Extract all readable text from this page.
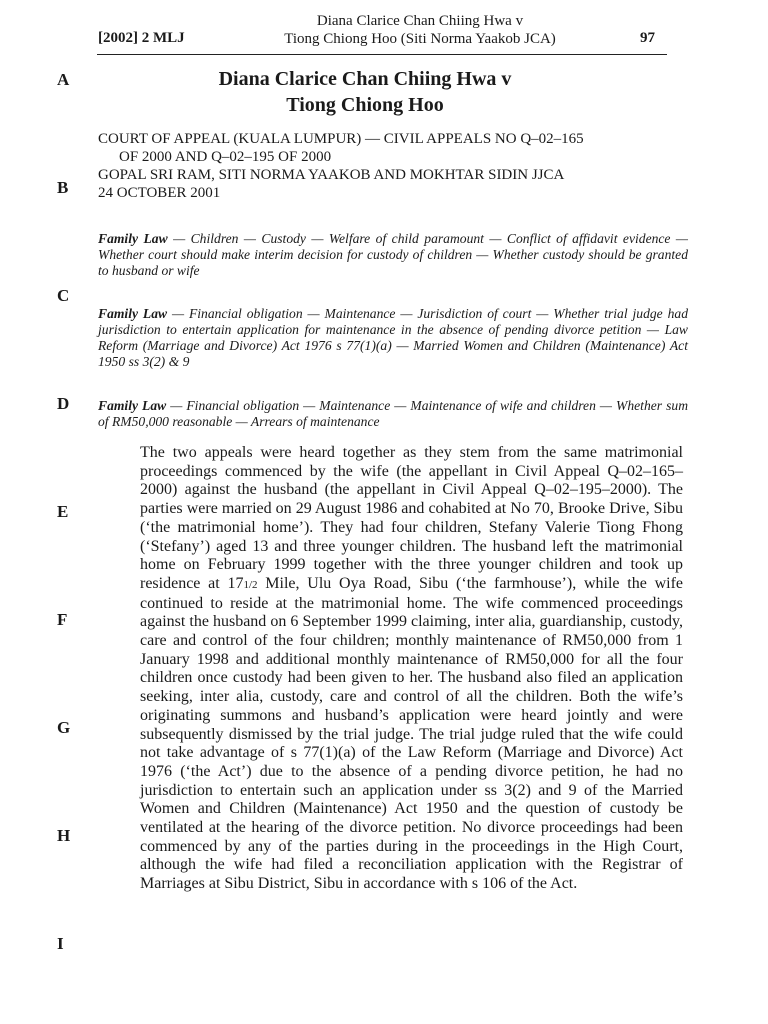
[2002] 2 MLJ
Diana Clarice Chan Chiing Hwa v
Tiong Chiong Hoo (Siti Norma Yaakob JCA)	97
A
B
C
D
E
F
G
H
I
Diana Clarice Chan Chiing Hwa v
Tiong Chiong Hoo
COURT OF APPEAL (KUALA LUMPUR) — CIVIL APPEALS NO Q–02–165
OF 2000 AND Q–02–195 OF 2000
GOPAL SRI RAM, SITI NORMA YAAKOB AND MOKHTAR SIDIN JJCA
24 OCTOBER 2001
Family Law — Children — Custody — Welfare of child paramount — Conflict of affidavit evidence — Whether court should make interim decision for custody of children — Whether custody should be granted to husband or wife
Family Law — Financial obligation — Maintenance — Jurisdiction of court — Whether trial judge had jurisdiction to entertain application for maintenance in the absence of pending divorce petition — Law Reform (Marriage and Divorce) Act 1976 s 77(1)(a) — Married Women and Children (Maintenance) Act 1950 ss 3(2) & 9
Family Law — Financial obligation — Maintenance — Maintenance of wife and children — Whether sum of RM50,000 reasonable — Arrears of maintenance
The two appeals were heard together as they stem from the same matrimonial proceedings commenced by the wife (the appellant in Civil Appeal Q–02–165–2000) against the husband (the appellant in Civil Appeal Q–02–195–2000). The parties were married on 29 August 1986 and cohabited at No 70, Brooke Drive, Sibu (‘the matrimonial home’). They had four children, Stefany Valerie Tiong Fhong (‘Stefany’) aged 13 and three younger children. The husband left the matrimonial home on February 1999 together with the three younger children and took up residence at 171/2 Mile, Ulu Oya Road, Sibu (‘the farmhouse’), while the wife continued to reside at the matrimonial home. The wife commenced proceedings against the husband on 6 September 1999 claiming, inter alia, guardianship, custody, care and control of the four children; monthly maintenance of RM50,000 from 1 January 1998 and additional monthly maintenance of RM50,000 for all the four children once custody had been given to her. The husband also filed an application seeking, inter alia, custody, care and control of all the children. Both the wife’s originating summons and husband’s application were heard jointly and were subsequently dismissed by the trial judge. The trial judge ruled that the wife could not take advantage of s 77(1)(a) of the Law Reform (Marriage and Divorce) Act 1976 (‘the Act’) due to the absence of a pending divorce petition, he had no jurisdiction to entertain such an application under ss 3(2) and 9 of the Married Women and Children (Maintenance) Act 1950 and the question of custody be ventilated at the hearing of the divorce petition. No divorce proceedings had been commenced by any of the parties during in the proceedings in the High Court, although the wife had filed a reconciliation application with the Registrar of Marriages at Sibu District, Sibu in accordance with s 106 of the Act.
